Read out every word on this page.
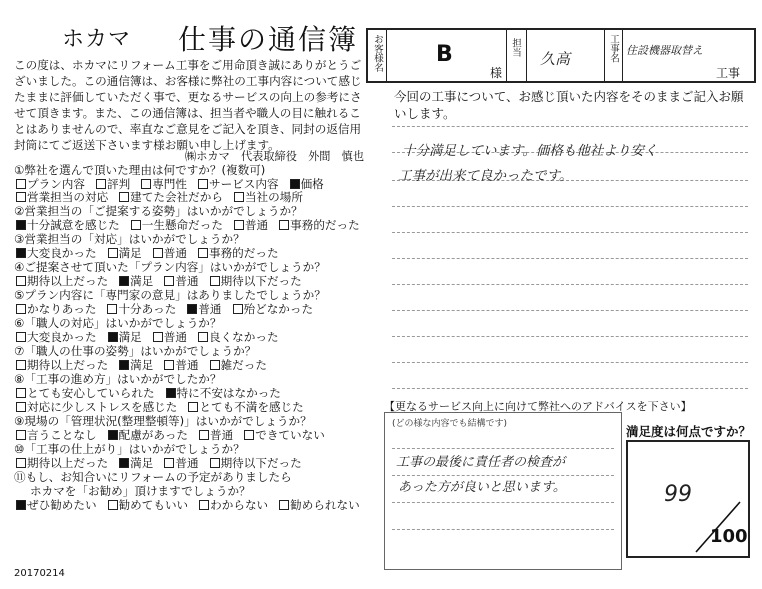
ホカマ 仕事の通信簿
この度は、ホカマにリフォーム工事をご用命頂き誠にありがとうございました。この通信簿は、お客様に弊社の工事内容について感じたままに評価していただく事で、更なるサービスの向上の参考にさせて頂きます。また、この通信簿は、担当者や職人の目に触れることはありませんので、率直なご意見をご記入を頂き、同封の返信用封筒にてご返送下さいます様お願い申し上げます。
㈱ホカマ　代表取締役　外間　慎也
①弊社を選んで頂いた理由は何ですか？(複数可)
プラン内容 評判 専門性 サービス内容 価格
営業担当の対応 建てた会社だから 当社の場所
②営業担当の「ご提案する姿勢」はいかがでしょうか？
十分誠意を感じた 一生懸命だった 普通 事務的だった
③営業担当の「対応」はいかがでしょうか？
大変良かった 満足 普通 事務的だった
④ご提案させて頂いた「プラン内容」はいかがでしょうか？
期待以上だった 満足 普通 期待以下だった
⑤プラン内容に「専門家の意見」はありましたでしょうか？
かなりあった 十分あった 普通 殆どなかった
⑥「職人の対応」はいかがでしょうか？
大変良かった 満足 普通 良くなかった
⑦「職人の仕事の姿勢」はいかがでしょうか？
期待以上だった 満足 普通 雑だった
⑧「工事の進め方」はいかがでしたか？
とても安心していられた 特に不安はなかった
対応に少しストレスを感じた とても不満を感じた
⑨現場の「管理状況(整理整頓等)」はいかがでしょうか？
言うことなし 配慮があった 普通 できていない
⑩「工事の仕上がり」はいかがでしょうか？
期待以上だった 満足 普通 期待以下だった
⑪もし、お知合いにリフォームの予定がありましたら
ホカマを「お勧め」頂けますでしょうか？
ぜひ勧めたい 勧めてもいい わからない 勧められない
20170214
お客様名 B
様
担当
久高	工事名 住設機器取替え
工事
今回の工事について、お感じ頂いた内容をそのままご記入お願いします。
十分満足しています。価格も他社より安く
工事が出来て良かったです。
【更なるサービス向上に向けて弊社へのアドバイスを下さい】
(どの様な内容でも結構です)
工事の最後に責任者の検査が
あった方が良いと思います。
満足度は何点ですか？
99
100
